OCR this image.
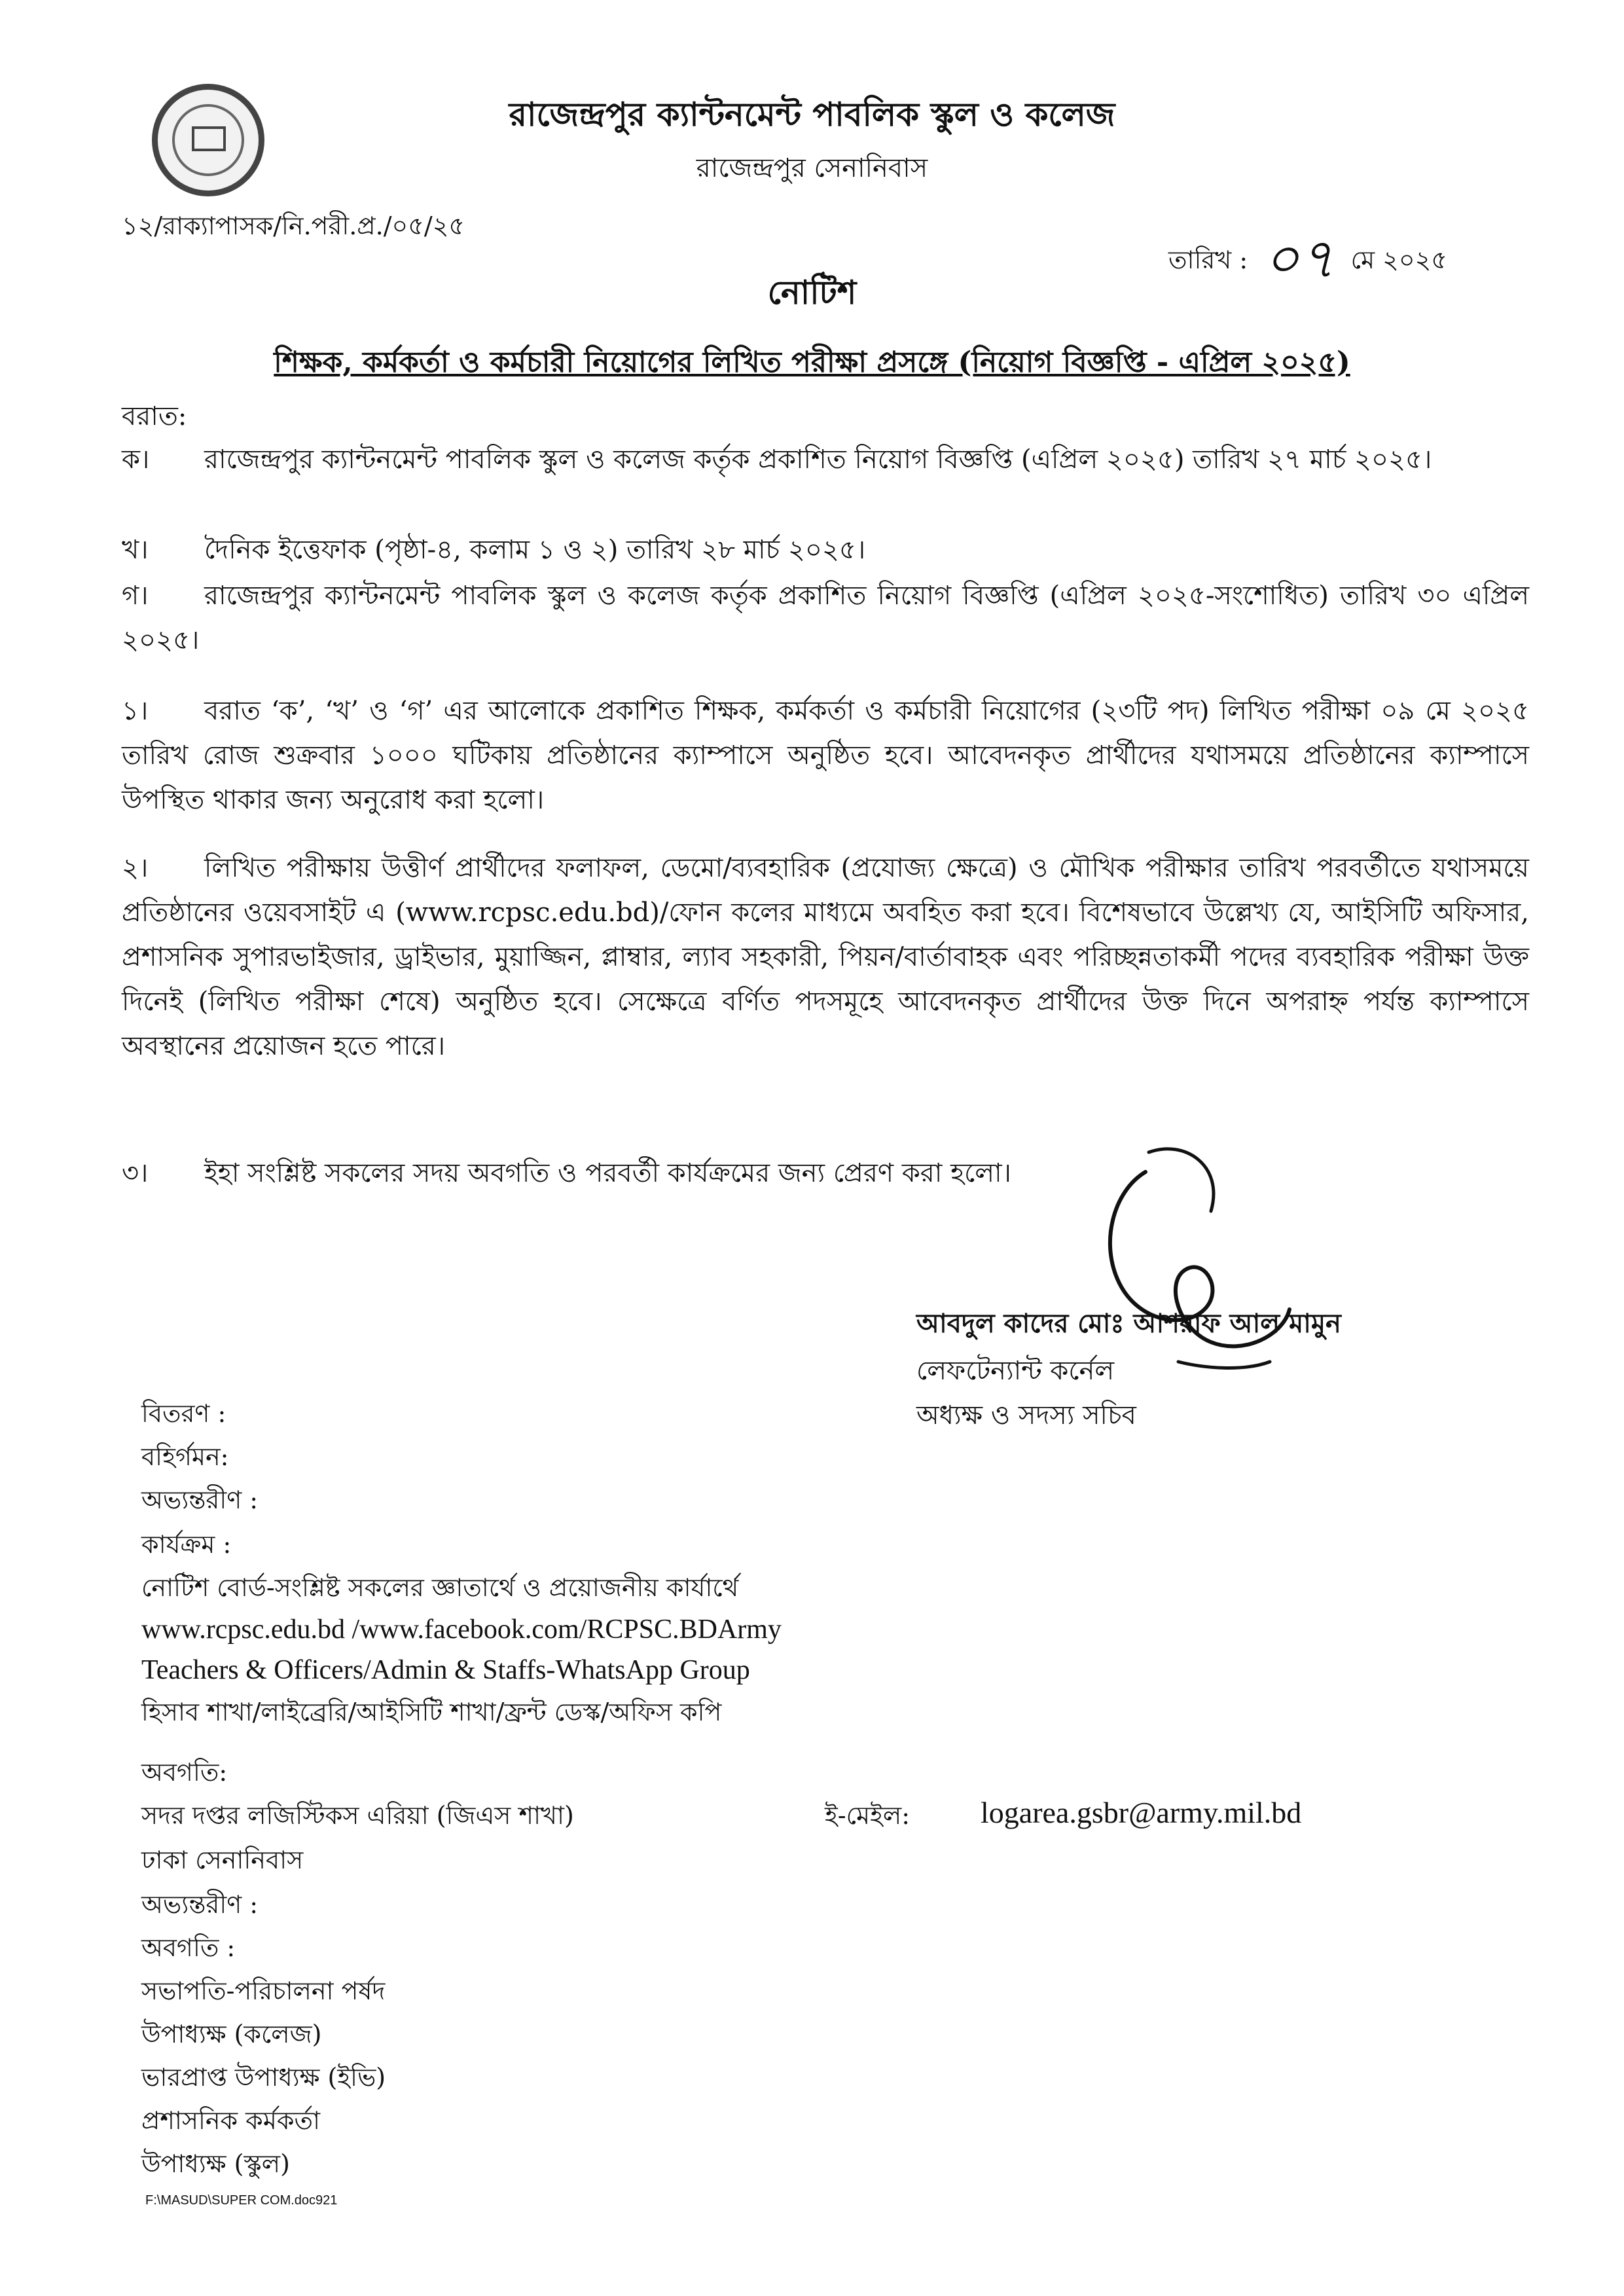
রাজেন্দ্রপুর ক্যান্টনমেন্ট পাবলিক স্কুল ও কলেজ
রাজেন্দ্রপুর সেনানিবাস
১২/রাক্যাপাসক/নি.পরী.প্র./০৫/২৫
তারিখ : ০৭ মে ২০২৫
নোটিশ
শিক্ষক, কর্মকর্তা ও কর্মচারী নিয়োগের লিখিত পরীক্ষা প্রসঙ্গে (নিয়োগ বিজ্ঞপ্তি - এপ্রিল ২০২৫)
বরাত:
ক। রাজেন্দ্রপুর ক্যান্টনমেন্ট পাবলিক স্কুল ও কলেজ কর্তৃক প্রকাশিত নিয়োগ বিজ্ঞপ্তি (এপ্রিল ২০২৫) তারিখ ২৭ মার্চ ২০২৫।
খ। দৈনিক ইত্তেফাক (পৃষ্ঠা-৪, কলাম ১ ও ২) তারিখ ২৮ মার্চ ২০২৫।
গ। রাজেন্দ্রপুর ক্যান্টনমেন্ট পাবলিক স্কুল ও কলেজ কর্তৃক প্রকাশিত নিয়োগ বিজ্ঞপ্তি (এপ্রিল ২০২৫-সংশোধিত) তারিখ ৩০ এপ্রিল ২০২৫।
১। বরাত ‘ক’, ‘খ’ ও ‘গ’ এর আলোকে প্রকাশিত শিক্ষক, কর্মকর্তা ও কর্মচারী নিয়োগের (২৩টি পদ) লিখিত পরীক্ষা ০৯ মে ২০২৫ তারিখ রোজ শুক্রবার ১০০০ ঘটিকায় প্রতিষ্ঠানের ক্যাম্পাসে অনুষ্ঠিত হবে। আবেদনকৃত প্রার্থীদের যথাসময়ে প্রতিষ্ঠানের ক্যাম্পাসে উপস্থিত থাকার জন্য অনুরোধ করা হলো।
২। লিখিত পরীক্ষায় উত্তীর্ণ প্রার্থীদের ফলাফল, ডেমো/ব্যবহারিক (প্রযোজ্য ক্ষেত্রে) ও মৌখিক পরীক্ষার তারিখ পরবর্তীতে যথাসময়ে প্রতিষ্ঠানের ওয়েবসাইট এ (www.rcpsc.edu.bd)/ফোন কলের মাধ্যমে অবহিত করা হবে। বিশেষভাবে উল্লেখ্য যে, আইসিটি অফিসার, প্রশাসনিক সুপারভাইজার, ড্রাইভার, মুয়াজ্জিন, প্লাম্বার, ল্যাব সহকারী, পিয়ন/বার্তাবাহক এবং পরিচ্ছন্নতাকর্মী পদের ব্যবহারিক পরীক্ষা উক্ত দিনেই (লিখিত পরীক্ষা শেষে) অনুষ্ঠিত হবে। সেক্ষেত্রে বর্ণিত পদসমূহে আবেদনকৃত প্রার্থীদের উক্ত দিনে অপরাহ্ন পর্যন্ত ক্যাম্পাসে অবস্থানের প্রয়োজন হতে পারে।
৩। ইহা সংশ্লিষ্ট সকলের সদয় অবগতি ও পরবর্তী কার্যক্রমের জন্য প্রেরণ করা হলো।
আবদুল কাদের মোঃ আশরাফ আল মামুন
লেফটেন্যান্ট কর্নেল
অধ্যক্ষ ও সদস্য সচিব
বিতরণ :
বহির্গমন:
অভ্যন্তরীণ :
কার্যক্রম :
নোটিশ বোর্ড-সংশ্লিষ্ট সকলের জ্ঞাতার্থে ও প্রয়োজনীয় কার্যার্থে
www.rcpsc.edu.bd /www.facebook.com/RCPSC.BDArmy
Teachers & Officers/Admin & Staffs-WhatsApp Group
হিসাব শাখা/লাইব্রেরি/আইসিটি শাখা/ফ্রন্ট ডেস্ক/অফিস কপি
অবগতি:
সদর দপ্তর লজিস্টিকস এরিয়া (জিএস শাখা)
ঢাকা সেনানিবাস
ই-মেইল: logarea.gsbr@army.mil.bd
অভ্যন্তরীণ :
অবগতি :
সভাপতি-পরিচালনা পর্ষদ
উপাধ্যক্ষ (কলেজ)
ভারপ্রাপ্ত উপাধ্যক্ষ (ইভি)
প্রশাসনিক কর্মকর্তা
উপাধ্যক্ষ (স্কুল)
F:\MASUD\SUPER COM.doc921
